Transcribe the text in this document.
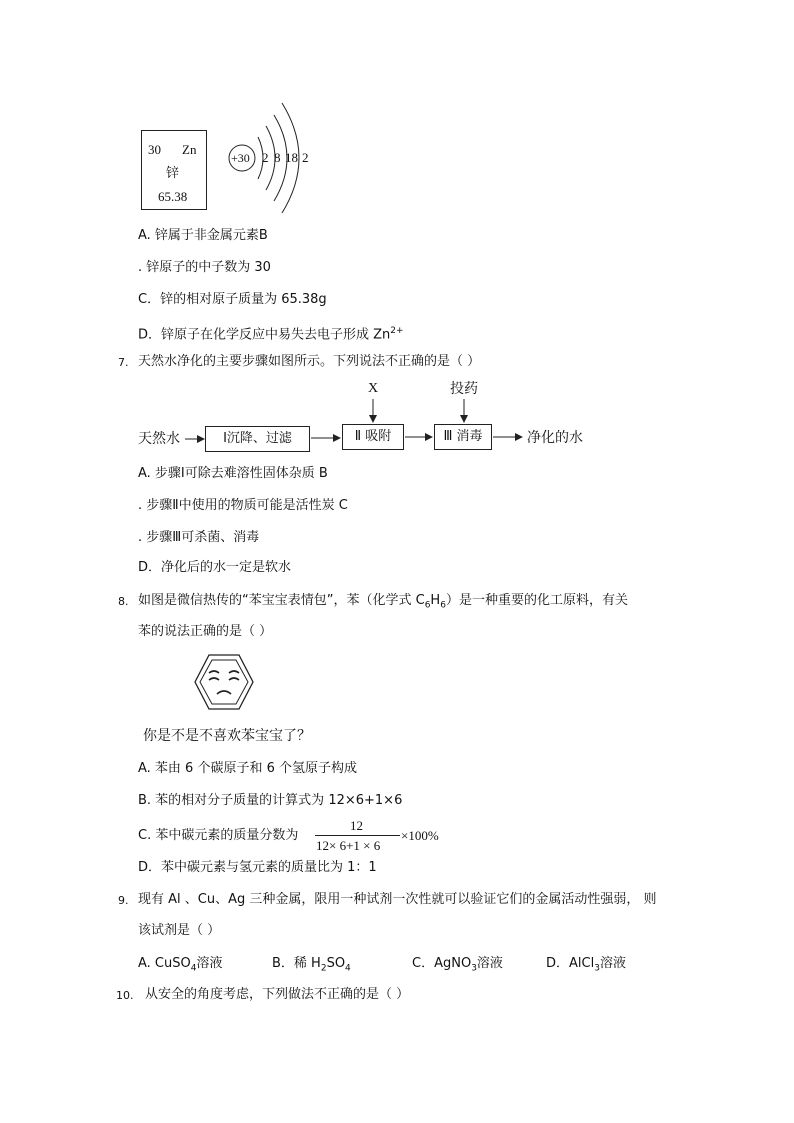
30 Zn
锌
65.38
+30 2 8 18 2
A. 锌属于非金属元素B
. 锌原子的中子数为 30
C．锌的相对原子质量为 65.38g
D．锌原子在化学反应中易失去电子形成 $Zn^{2+}$
7. 天然水净化的主要步骤如图所示。下列说法不正确的是（ ）
天然水	Ⅰ沉降、过滤	Ⅱ 吸附	Ⅲ 消毒	净化的水
X	投药
A. 步骤Ⅰ可除去难溶性固体杂质 B
. 步骤Ⅱ中使用的物质可能是活性炭 C
. 步骤Ⅲ可杀菌、消毒
D．净化后的水一定是软水
8. 如图是微信热传的“苯宝宝表情包”，苯（化学式 $C_6H_6$）是一种重要的化工原料，有关
苯的说法正确的是（ ）
你是不是不喜欢苯宝宝了？
A. 苯由 6 个碳原子和 6 个氢原子构成
B. 苯的相对分子质量的计算式为 12×6+1×6
C. 苯中碳元素的质量分数为
12
12× 6+1 × 6
×100%
D．苯中碳元素与氢元素的质量比为 1：1
9. 现有 Al 、Cu、Ag 三种金属，限用一种试剂一次性就可以验证它们的金属活动性强弱， 则
该试剂是（ ）
A. CuSO$_4$溶液	B．稀 $H_2SO_4$	C．AgNO$_3$溶液	D．AlCl$_3$溶液
10. 从安全的角度考虑，下列做法不正确的是（ ）
